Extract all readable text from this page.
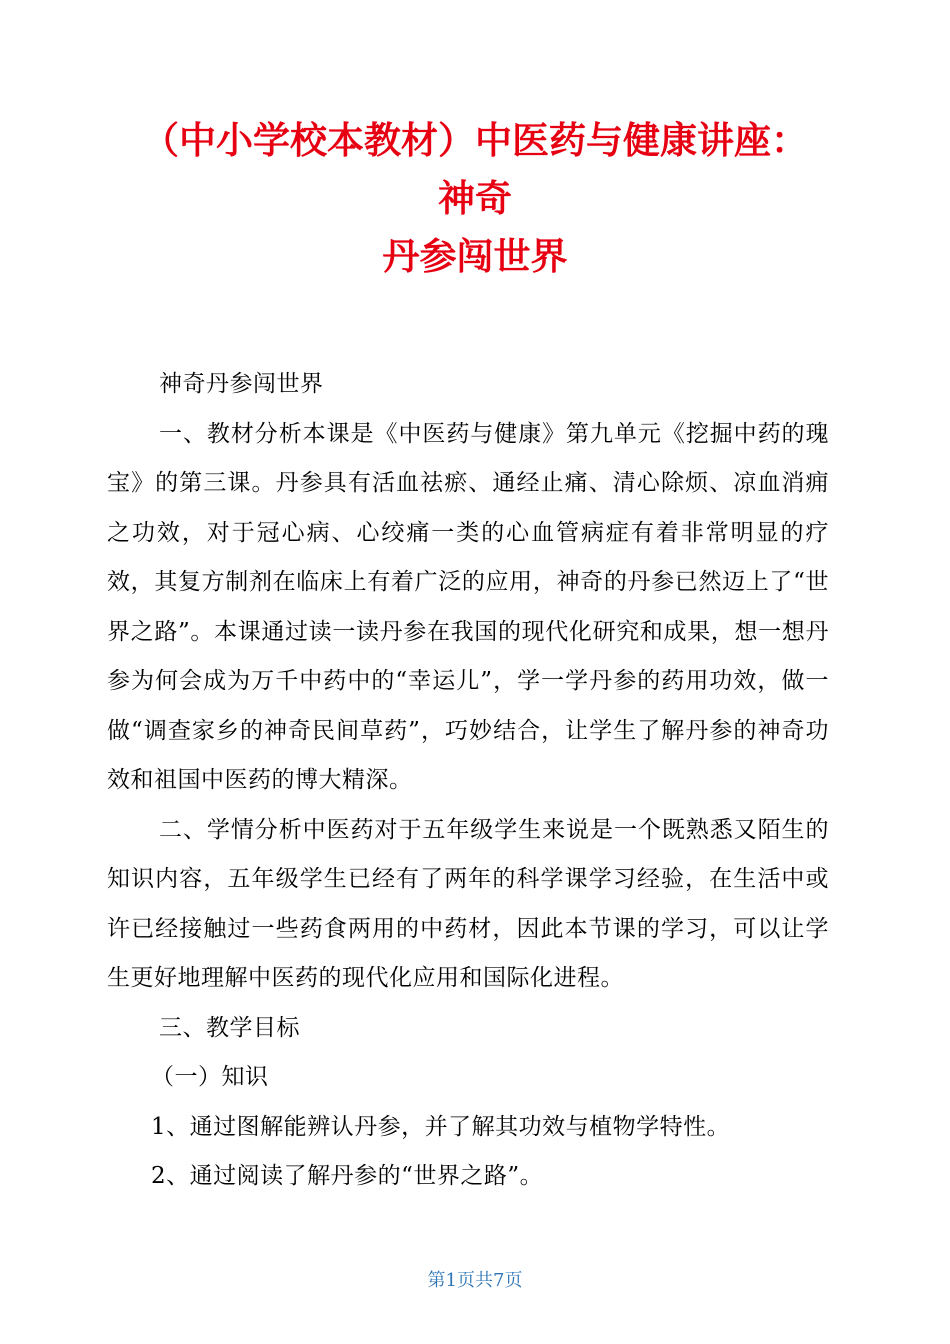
（中小学校本教材）中医药与健康讲座：
神奇
丹参闯世界

神奇丹参闯世界

一、教材分析本课是《中医药与健康》第九单元《挖掘中药的瑰宝》的第三课。丹参具有活血祛瘀、通经止痛、清心除烦、凉血消痈之功效，对于冠心病、心绞痛一类的心血管病症有着非常明显的疗效，其复方制剂在临床上有着广泛的应用，神奇的丹参已然迈上了“世界之路”。本课通过读一读丹参在我国的现代化研究和成果，想一想丹参为何会成为万千中药中的“幸运儿”，学一学丹参的药用功效，做一做“调查家乡的神奇民间草药”，巧妙结合，让学生了解丹参的神奇功效和祖国中医药的博大精深。

二、学情分析中医药对于五年级学生来说是一个既熟悉又陌生的知识内容，五年级学生已经有了两年的科学课学习经验，在生活中或许已经接触过一些药食两用的中药材，因此本节课的学习，可以让学生更好地理解中医药的现代化应用和国际化进程。

三、教学目标

（一）知识

1、通过图解能辨认丹参，并了解其功效与植物学特性。

2、通过阅读了解丹参的“世界之路”。

第1页共7页
